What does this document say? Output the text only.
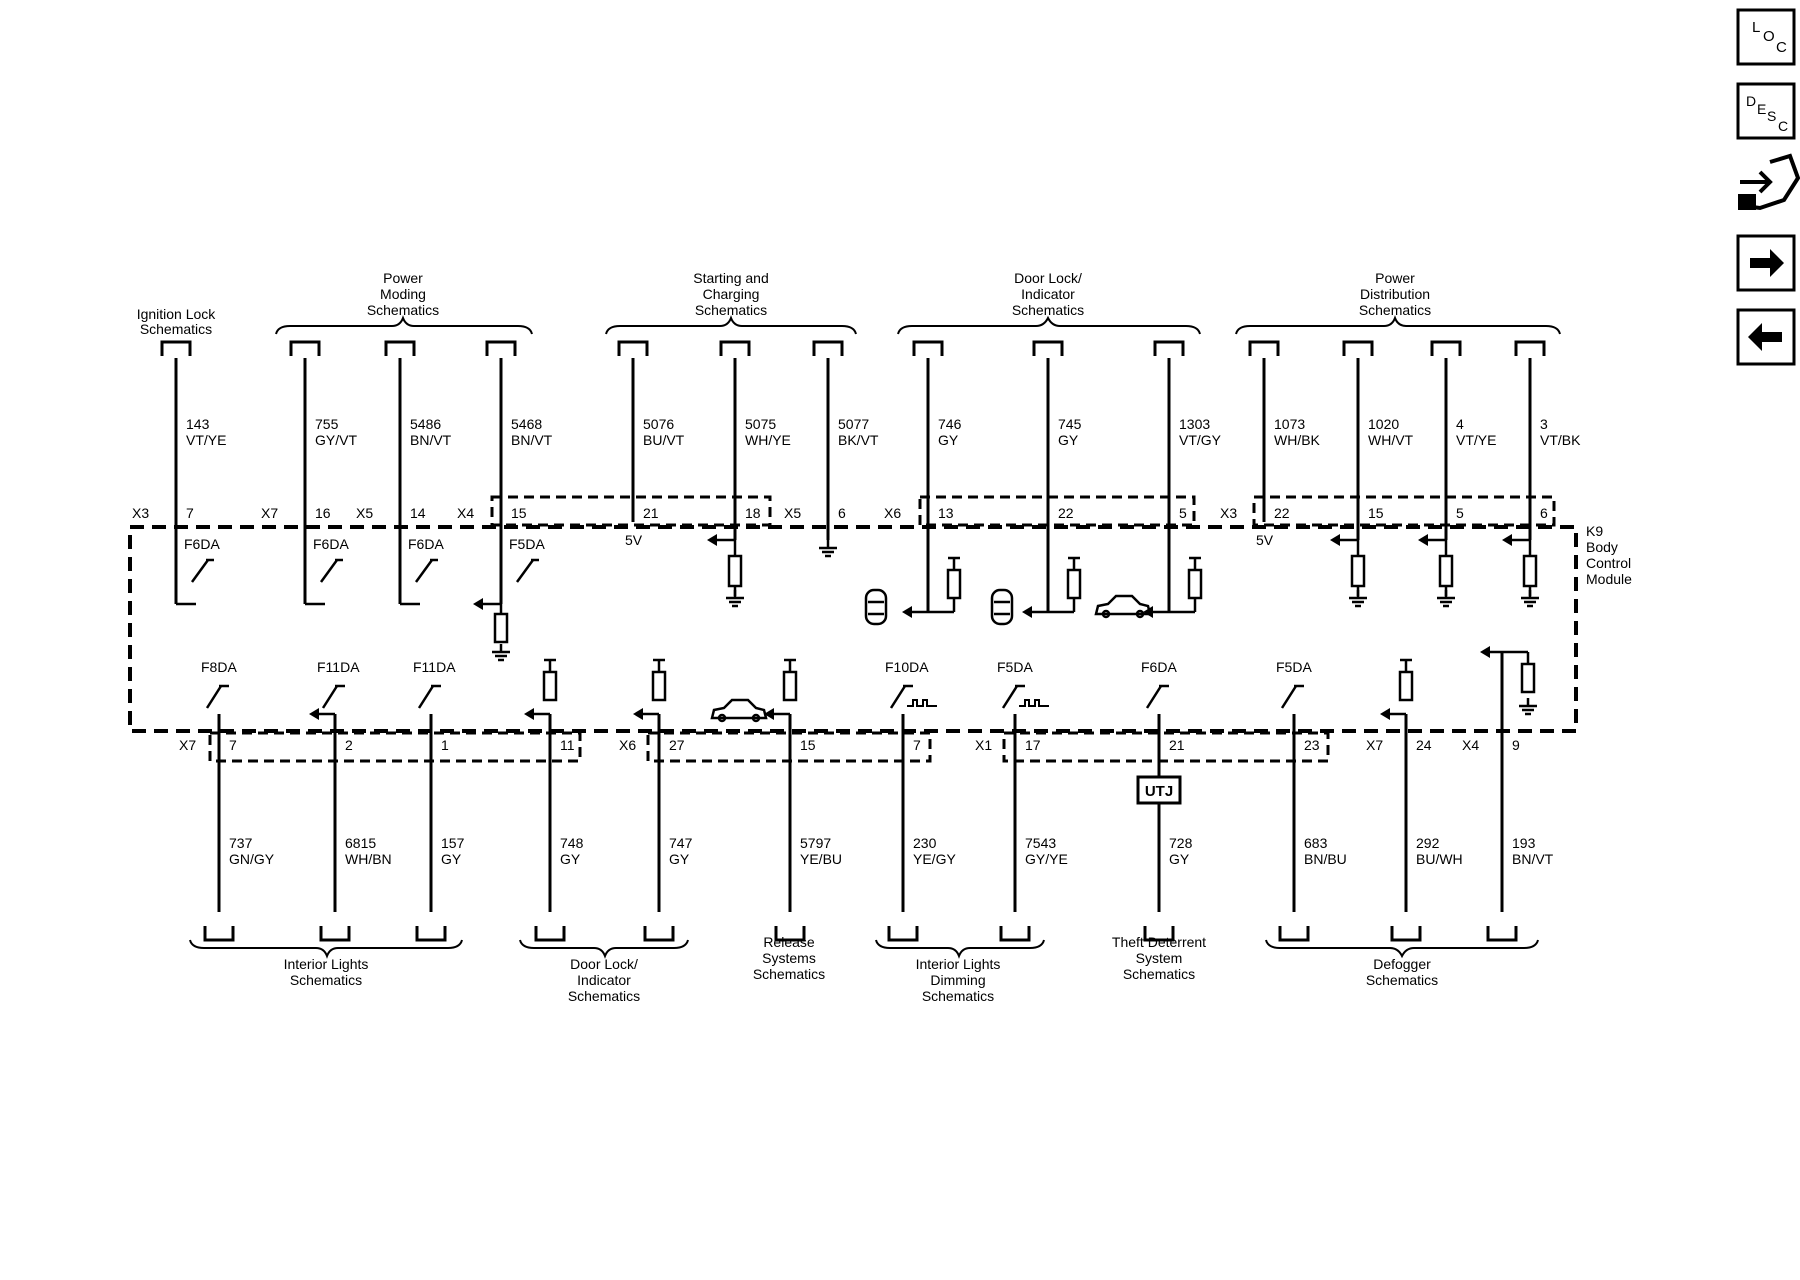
L
O
C
D E S
C
K9
Body
Control
Module
Ignition Lock
Schematics
Power
Moding
Schematics
Starting and
Charging
Schematics
Door Lock/
Indicator
Schematics
Power
Distribution
Schematics
Interior Lights
Schematics
Door Lock/
Indicator
Schematics
Release
Systems
Schematics
Interior Lights
Dimming
Schematics
Theft Deterrent
System
Schematics
Defogger
Schematics
143
VT/YE
7
X3
F6DA
755
GY/VT
16
X7
F6DA
5486
BN/VT
14
X5
F6DA
5468
BN/VT
15
X4
F5DA
5076
BU/VT
21
5V
5075
WH/YE
18
5077
BK/VT
6
X5
746
GY
13
X6
745
GY
22
1303
VT/GY
5
1073
WH/BK
22
X3
5V
1020
WH/VT
15
4
VT/YE
5
3
VT/BK
6
737
GN/GY
7
X7
F8DA
6815
WH/BN
2
F11DA
157
GY
1
F11DA
748
GY
11
747
GY
27
X6
5797
YE/BU
15
230
YE/GY
7
F10DA
7543
GY/YE
17
X1
F5DA
728
GY
21
F6DA
683
BN/BU
23
F5DA
292
BU/WH
24
X7
193
BN/VT
9
X4
UTJ
